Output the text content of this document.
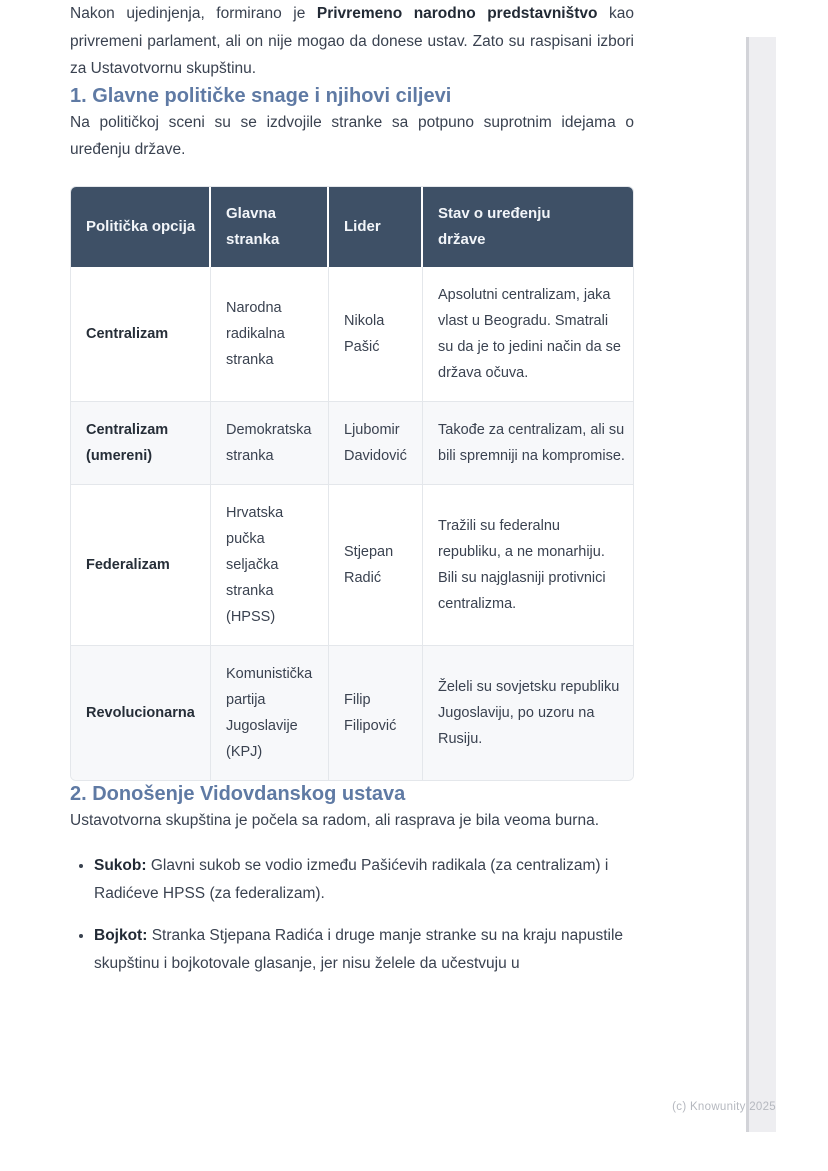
Nakon ujedinjenja, formirano je Privremeno narodno predstavništvo kao privremeni parlament, ali on nije mogao da donese ustav. Zato su raspisani izbori za Ustavotvornu skupštinu.

1. Glavne političke snage i njihovi ciljevi

Na političkoj sceni su se izdvojile stranke sa potpuno suprotnim idejama o uređenju države.

Politička opcija	Glavna stranka	Lider	Stav o uređenju države

Centralizam	Narodna radikalna stranka	Nikola Pašić	Apsolutni centralizam, jaka vlast u Beogradu. Smatrali su da je to jedini način da se država očuva.
Centralizam (umereni)	Demokratska stranka	Ljubomir Davidović	Takođe za centralizam, ali su bili spremniji na kompromise.
Federalizam	Hrvatska pučka seljačka stranka (HPSS)	Stjepan Radić	Tražili su federalnu republiku, a ne monarhiju. Bili su najglasniji protivnici centralizma.
Revolucionarna	Komunistička partija Jugoslavije (KPJ)	Filip Filipović	Želeli su sovjetsku republiku Jugoslaviju, po uzoru na Rusiju.
2. Donošenje Vidovdanskog ustava

Ustavotvorna skupština je počela sa radom, ali rasprava je bila veoma burna.

• Sukob: Glavni sukob se vodio između Pašićevih radikala (za centralizam) i Radićeve HPSS (za federalizam).
• Bojkot: Stranka Stjepana Radića i druge manje stranke su na kraju napustile skupštinu i bojkotovale glasanje, jer nisu želele da učestvuju u
(c) Knowunity 2025
